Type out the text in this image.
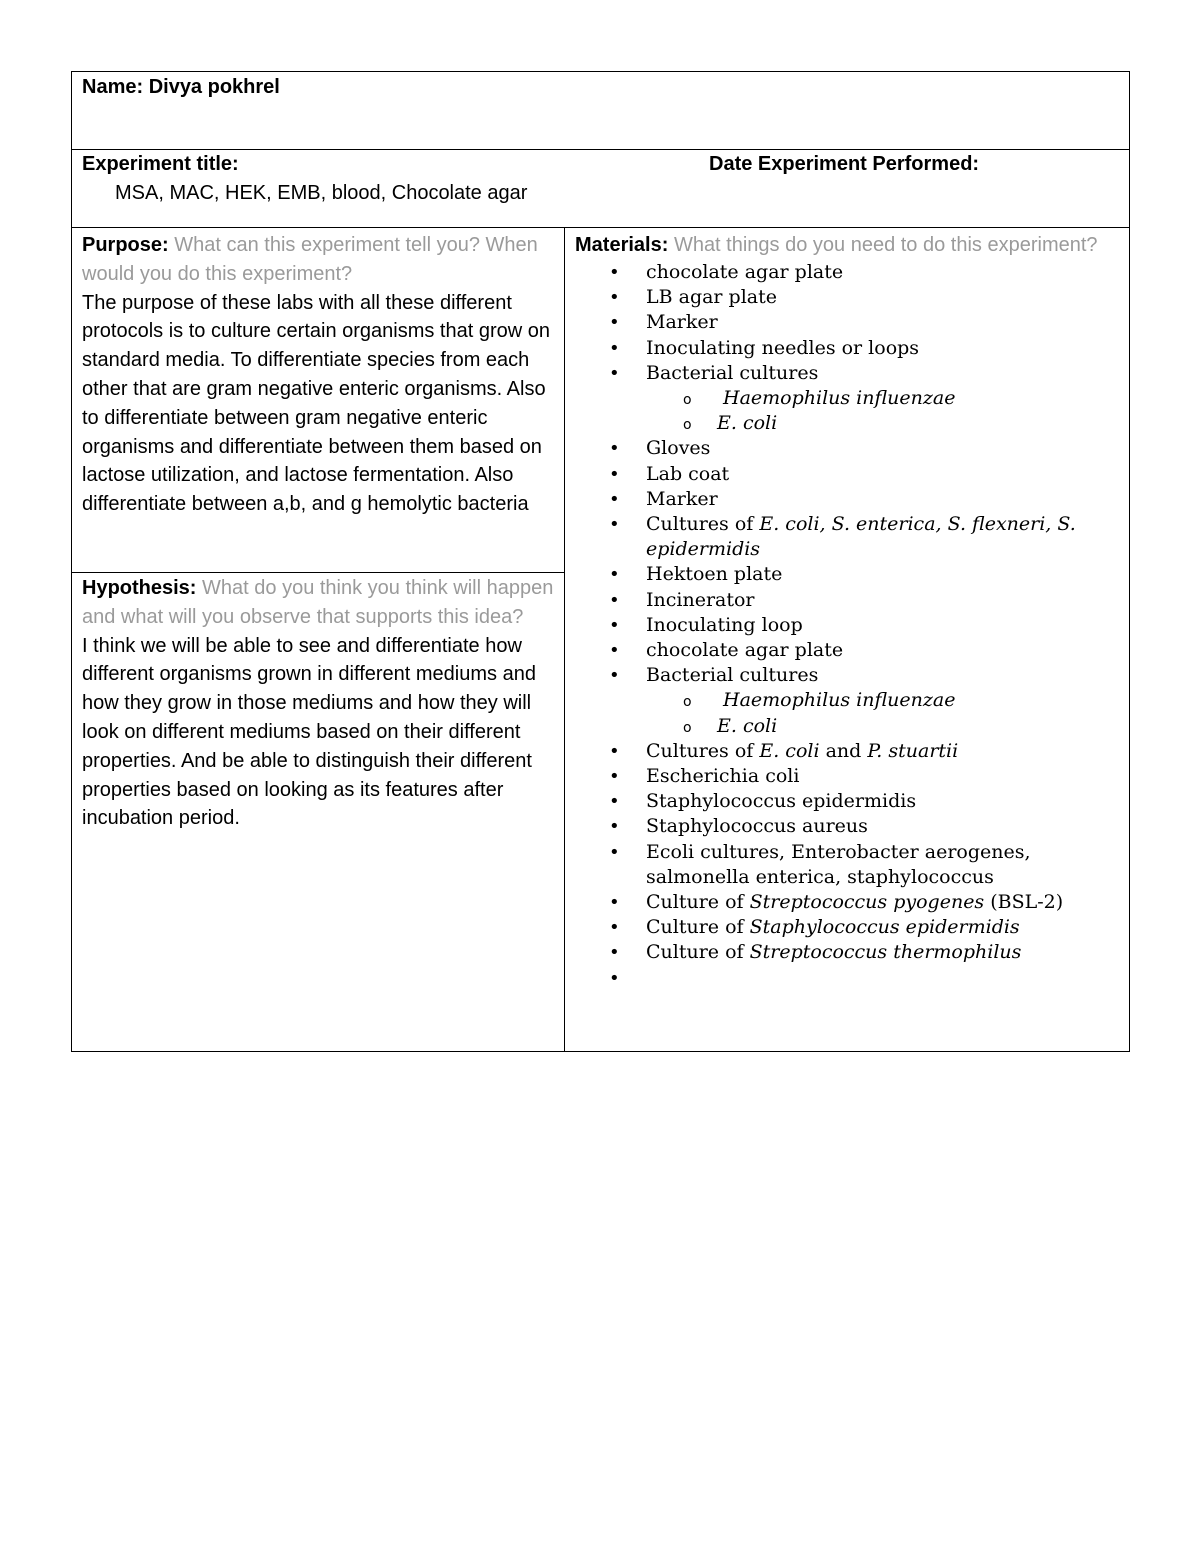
Name: Divya pokhrel
Experiment title:
MSA, MAC, HEK, EMB, blood, Chocolate agar
Date Experiment Performed:
Purpose: What can this experiment tell you? When would you do this experiment?
The purpose of these labs with all these different protocols is to culture certain organisms that grow on standard media. To differentiate species from each other that are gram negative enteric organisms. Also to differentiate between gram negative enteric organisms and differentiate between them based on lactose utilization, and lactose fermentation. Also differentiate between a,b, and g hemolytic bacteria
Hypothesis: What do you think you think will happen and what will you observe that supports this idea?
I think we will be able to see and differentiate how different organisms grown in different mediums and how they grow in those mediums and how they will look on different mediums based on their different properties. And be able to distinguish their different properties based on looking as its features after incubation period.
Materials: What things do you need to do this experiment?
• chocolate agar plate
• LB agar plate
• Marker
• Inoculating needles or loops
• Bacterial cultures
o Haemophilus influenzae
o E. coli
• Gloves
• Lab coat
• Marker
• Cultures of E. coli, S. enterica, S. flexneri, S. epidermidis
• Hektoen plate
• Incinerator
• Inoculating loop
• chocolate agar plate
• Bacterial cultures
o Haemophilus influenzae
o E. coli
• Cultures of E. coli and P. stuartii
• Escherichia coli
• Staphylococcus epidermidis
• Staphylococcus aureus
• Ecoli cultures, Enterobacter aerogenes, salmonella enterica, staphylococcus
• Culture of Streptococcus pyogenes (BSL-2)
• Culture of Staphylococcus epidermidis
• Culture of Streptococcus thermophilus
•
